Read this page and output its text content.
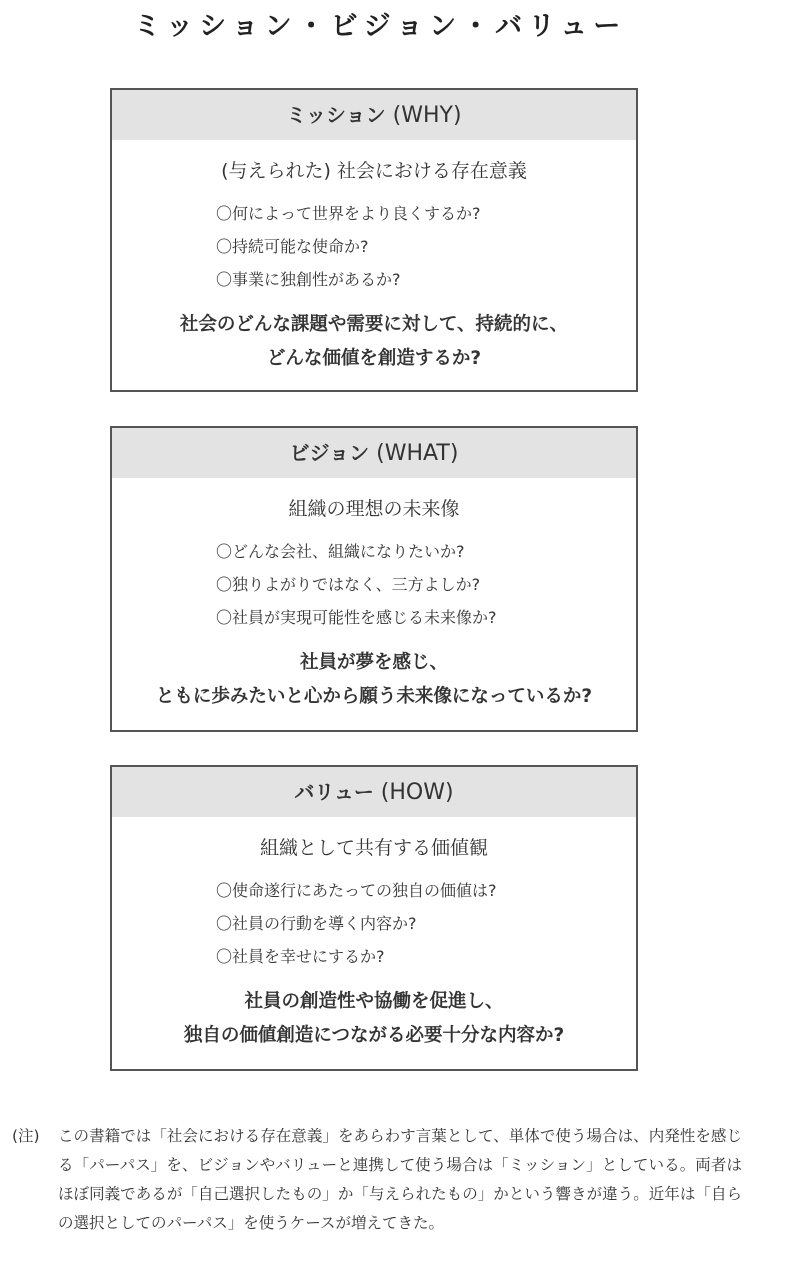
ミッション・ビジョン・バリュー
ミッション (WHY)
(与えられた) 社会における存在意義
〇何によって世界をより良くするか?
〇持続可能な使命か?
〇事業に独創性があるか?
社会のどんな課題や需要に対して、持続的に、
どんな価値を創造するか?
ビジョン (WHAT)
組織の理想の未来像
〇どんな会社、組織になりたいか?
〇独りよがりではなく、三方よしか?
〇社員が実現可能性を感じる未来像か?
社員が夢を感じ、
ともに歩みたいと心から願う未来像になっているか?
バリュー (HOW)
組織として共有する価値観
〇使命遂行にあたっての独自の価値は?
〇社員の行動を導く内容か?
〇社員を幸せにするか?
社員の創造性や協働を促進し、
独自の価値創造につながる必要十分な内容か?
(注) この書籍では「社会における存在意義」をあらわす言葉として、単体で使う場合は、内発性を感じる「パーパス」を、ビジョンやバリューと連携して使う場合は「ミッション」としている。両者はほぼ同義であるが「自己選択したもの」か「与えられたもの」かという響きが違う。近年は「自らの選択としてのパーパス」を使うケースが増えてきた。
